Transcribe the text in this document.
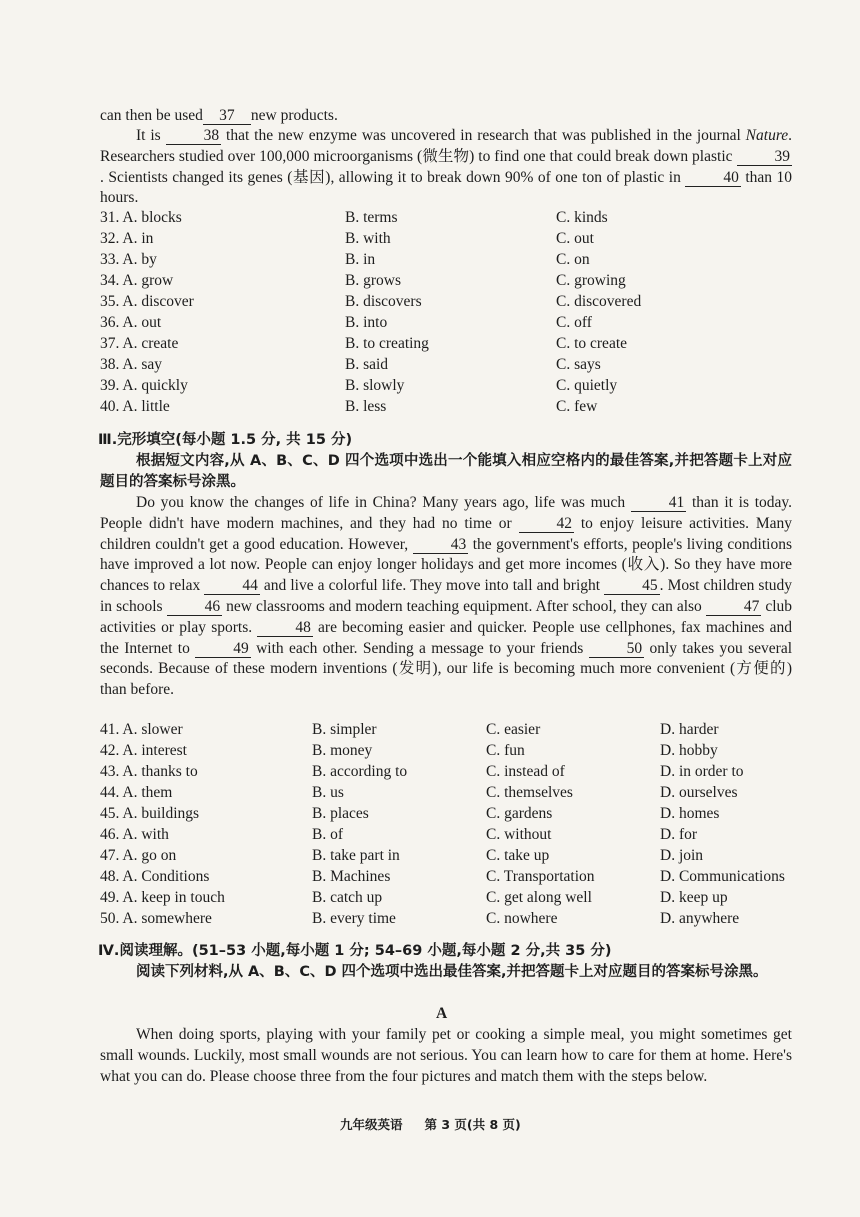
can then be used 37 new products.
It is	38 that the new enzyme was uncovered in research that was published in the journal Nature. Researchers studied over 100,000 microorganisms (微生物) to find one that could break down plastic	39. Scientists changed its genes (基因), allowing it to break down 90% of one ton of plastic in	40 than 10 hours.
31. A. blocks	B. terms	C. kinds
32. A. in	B. with	C. out
33. A. by	B. in	C. on
34. A. grow	B. grows	C. growing
35. A. discover	B. discovers	C. discovered
36. A. out	B. into	C. off
37. A. create	B. to creating	C. to create
38. A. say	B. said	C. says
39. A. quickly	B. slowly	C. quietly
40. A. little	B. less	C. few
Ⅲ.完形填空(每小题 1.5 分, 共 15 分)
根据短文内容,从 A、B、C、D 四个选项中选出一个能填入相应空格内的最佳答案,并把答题卡上对应题目的答案标号涂黑。
Do you know the changes of life in China? Many years ago, life was much	41 than it is today. People didn't have modern machines, and they had no time or	42 to enjoy leisure activities. Many children couldn't get a good education. However,	43 the government's efforts, people's living conditions have improved a lot now. People can enjoy longer holidays and get more incomes (收入). So they have more chances to relax	44 and live a colorful life. They move into tall and bright	45 . Most children study in schools	46 new classrooms and modern teaching equipment. After school, they can also	47 club activities or play sports.	48 are becoming easier and quicker. People use cellphones, fax machines and the Internet to	49 with each other. Sending a message to your friends	50 only takes you several seconds. Because of these modern inventions (发明), our life is becoming much more convenient (方便的) than before.
41. A. slower	B. simpler	C. easier	D. harder
42. A. interest	B. money	C. fun	D. hobby
43. A. thanks to	B. according to	C. instead of	D. in order to
44. A. them	B. us	C. themselves	D. ourselves
45. A. buildings	B. places	C. gardens	D. homes
46. A. with	B. of	C. without	D. for
47. A. go on	B. take part in	C. take up	D. join
48. A. Conditions	B. Machines	C. Transportation	D. Communications
49. A. keep in touch	B. catch up	C. get along well	D. keep up
50. A. somewhere	B. every time	C. nowhere	D. anywhere
Ⅳ.阅读理解。(51–53 小题,每小题 1 分; 54–69 小题,每小题 2 分,共 35 分)
阅读下列材料,从 A、B、C、D 四个选项中选出最佳答案,并把答题卡上对应题目的答案标号涂黑。
A
When doing sports, playing with your family pet or cooking a simple meal, you might sometimes get small wounds. Luckily, most small wounds are not serious. You can learn how to care for them at home. Here's what you can do. Please choose three from the four pictures and match them with the steps below.
九年级英语 第 3 页(共 8 页)
